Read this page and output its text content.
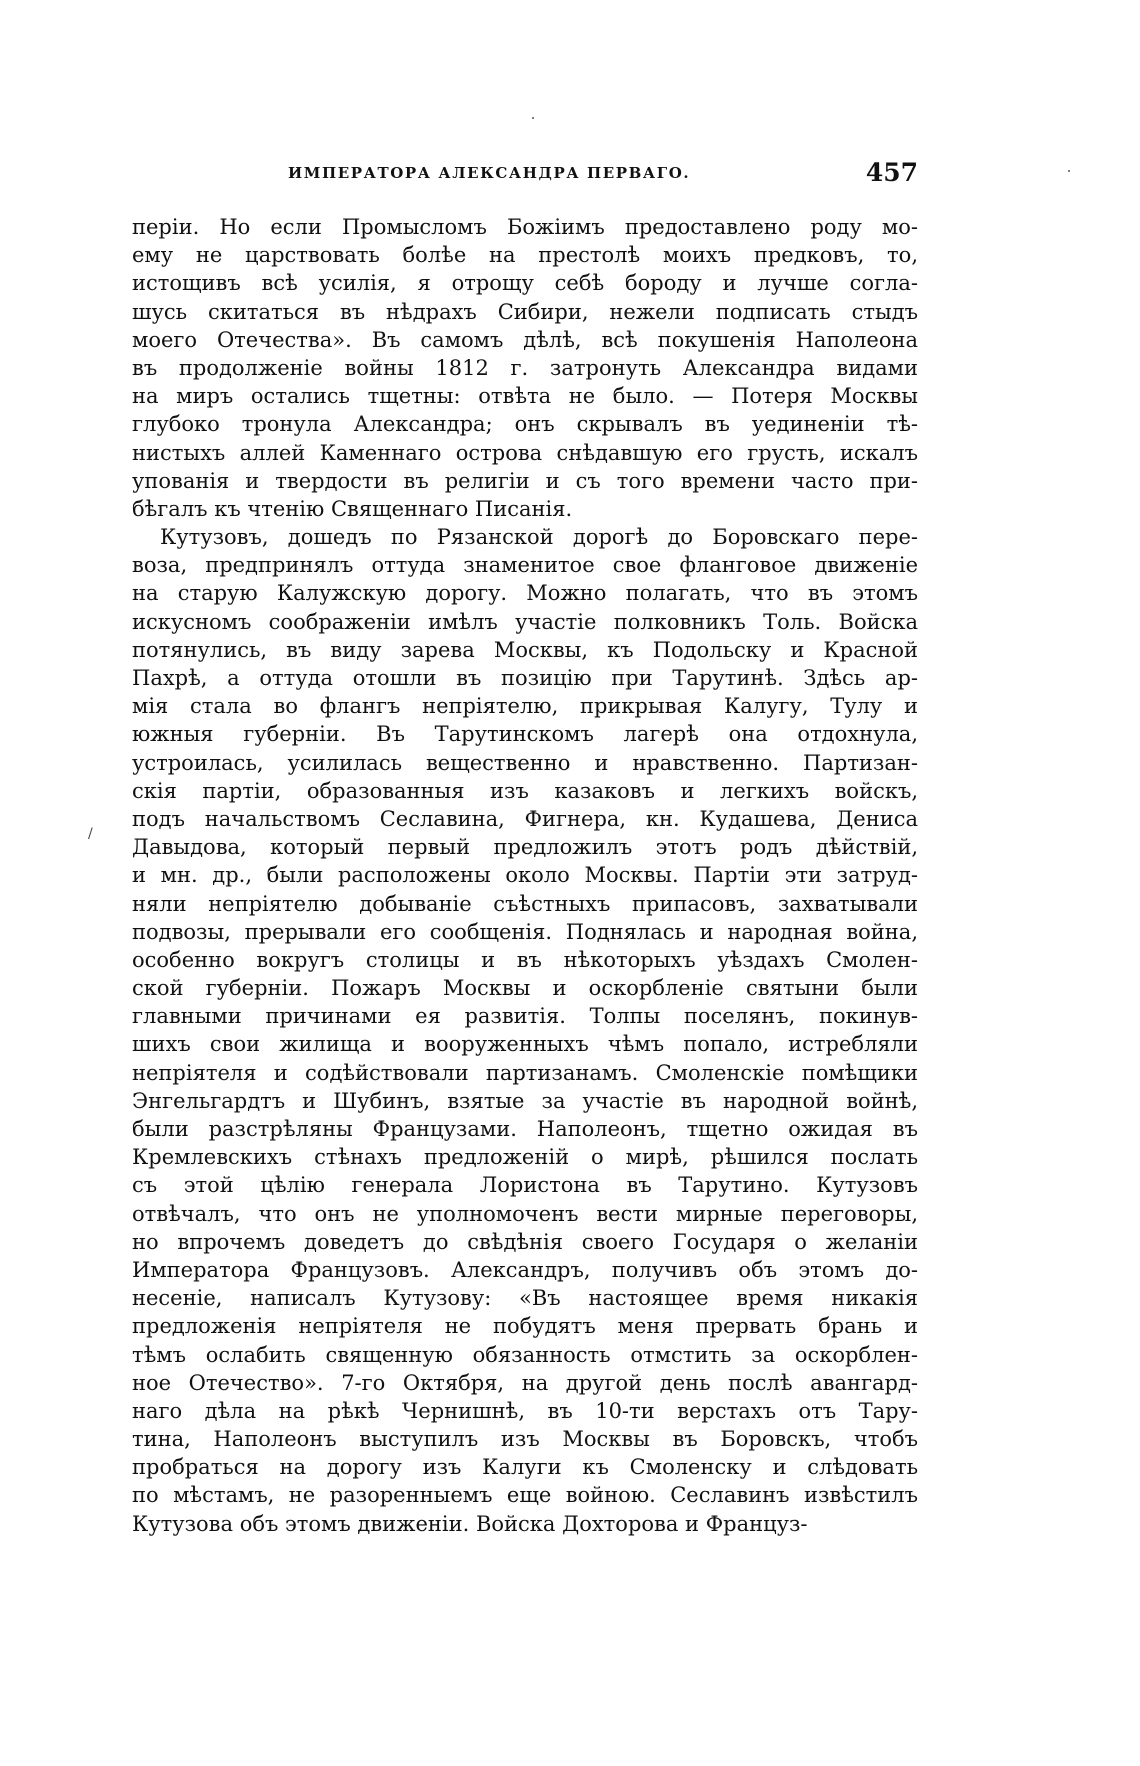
ИМПЕРАТОРА АЛЕКСАНДРА ПЕРВАГО.	457
/
періи. Но если Промысломъ Божіимъ предоставлено роду мо-
ему не царствовать болѣе на престолѣ моихъ предковъ, то,
истощивъ всѣ усилія, я отрощу себѣ бороду и лучше согла-
шусь скитаться въ нѣдрахъ Сибири, нежели подписать стыдъ
моего Отечества». Въ самомъ дѣлѣ, всѣ покушенія Наполеона
въ продолженіе войны 1812 г. затронуть Александра видами
на миръ остались тщетны: отвѣта не было. — Потеря Москвы
глубоко тронула Александра; онъ скрывалъ въ уединеніи тѣ-
нистыхъ аллей Каменнаго острова снѣдавшую его грусть, искалъ
упованія и твердости въ религіи и съ того времени часто при-
бѣгалъ къ чтенію Священнаго Писанія.
Кутузовъ, дошедъ по Рязанской дорогѣ до Боровскаго пере-
воза, предпринялъ оттуда знаменитое свое фланговое движеніе
на старую Калужскую дорогу. Можно полагать, что въ этомъ
искусномъ соображеніи имѣлъ участіе полковникъ Толь. Войска
потянулись, въ виду зарева Москвы, къ Подольску и Красной
Пахрѣ, а оттуда отошли въ позицію при Тарутинѣ. Здѣсь ар-
мія стала во флангъ непріятелю, прикрывая Калугу, Тулу и
южныя губерніи. Въ Тарутинскомъ лагерѣ она отдохнула,
устроилась, усилилась вещественно и нравственно. Партизан-
скія партіи, образованныя изъ казаковъ и легкихъ войскъ,
подъ начальствомъ Сеславина, Фигнера, кн. Кудашева, Дениса
Давыдова, который первый предложилъ этотъ родъ дѣйствій,
и мн. др., были расположены около Москвы. Партіи эти затруд-
няли непріятелю добываніе съѣстныхъ припасовъ, захватывали
подвозы, прерывали его сообщенія. Поднялась и народная война,
особенно вокругъ столицы и въ нѣкоторыхъ уѣздахъ Смолен-
ской губерніи. Пожаръ Москвы и оскорбленіе святыни были
главными причинами ея развитія. Толпы поселянъ, покинув-
шихъ свои жилища и вооруженныхъ чѣмъ попало, истребляли
непріятеля и содѣйствовали партизанамъ. Смоленскіе помѣщики
Энгельгардтъ и Шубинъ, взятые за участіе въ народной войнѣ,
были разстрѣляны Французами. Наполеонъ, тщетно ожидая въ
Кремлевскихъ стѣнахъ предложеній о мирѣ, рѣшился послать
съ этой цѣлію генерала Лористона въ Тарутино. Кутузовъ
отвѣчалъ, что онъ не уполномоченъ вести мирные переговоры,
но впрочемъ доведетъ до свѣдѣнія своего Государя о желаніи
Императора Французовъ. Александръ, получивъ объ этомъ до-
несеніе, написалъ Кутузову: «Въ настоящее время никакія
предложенія непріятеля не побудятъ меня прервать брань и
тѣмъ ослабить священную обязанность отмстить за оскорблен-
ное Отечество». 7-го Октября, на другой день послѣ авангард-
наго дѣла на рѣкѣ Чернишнѣ, въ 10-ти верстахъ отъ Тару-
тина, Наполеонъ выступилъ изъ Москвы въ Боровскъ, чтобъ
пробраться на дорогу изъ Калуги къ Смоленску и слѣдовать
по мѣстамъ, не разоренныемъ еще войною. Сеславинъ извѣстилъ
Кутузова объ этомъ движеніи. Войска Дохторова и Француз-
